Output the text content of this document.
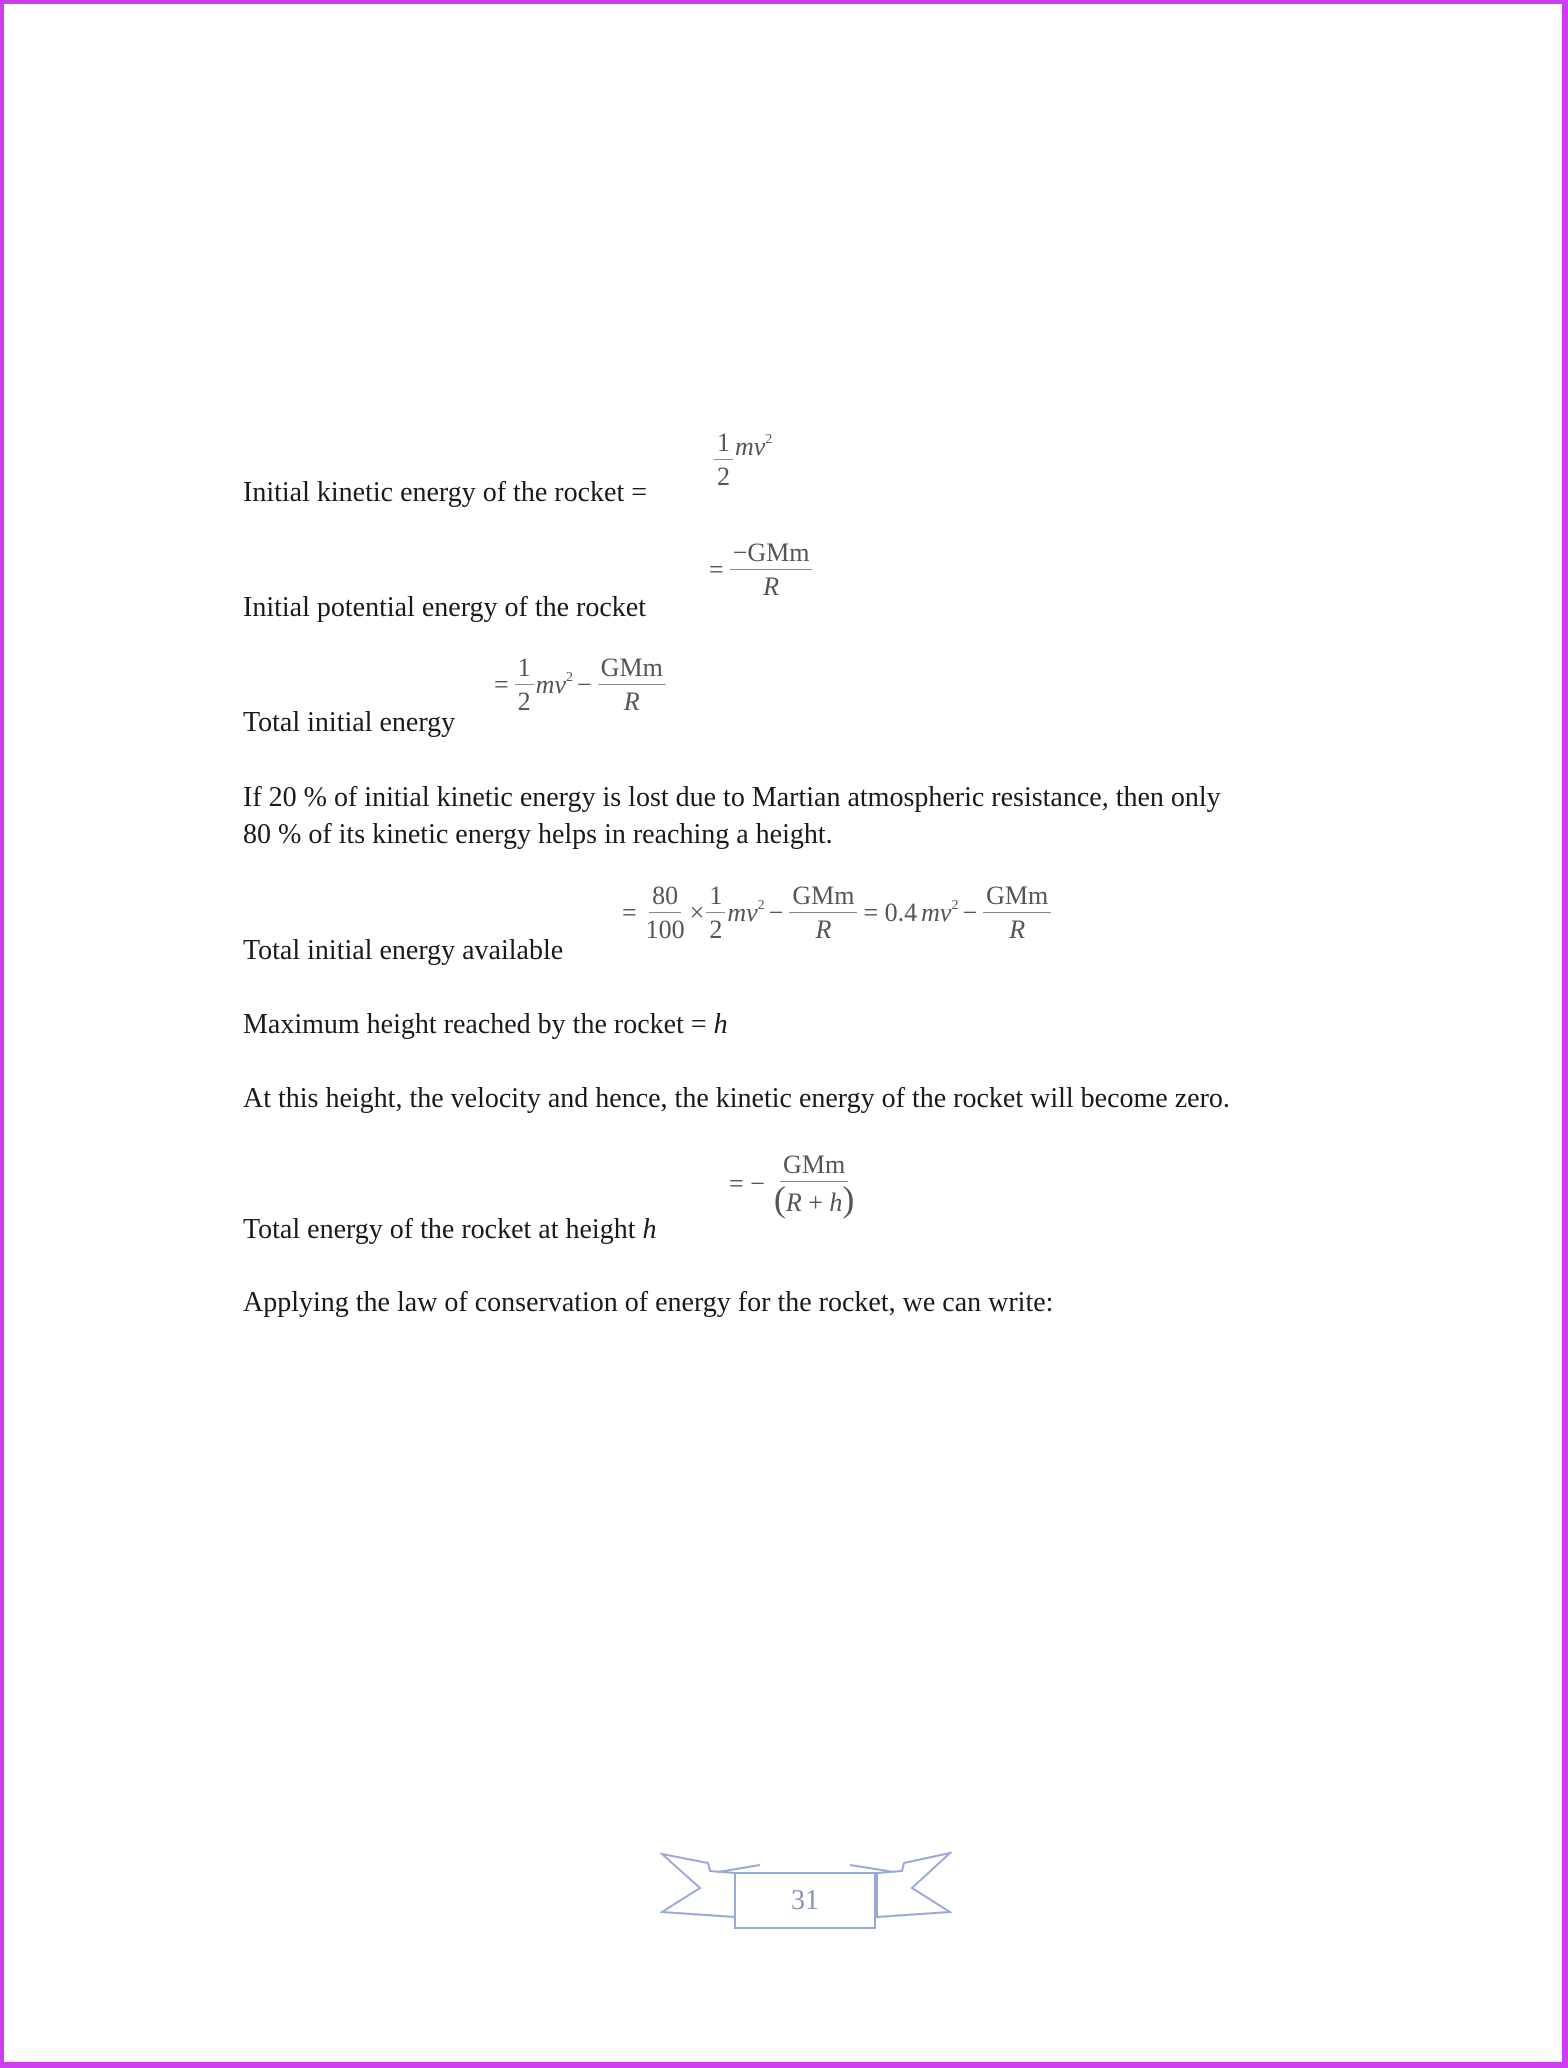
Initial kinetic energy of the rocket =
$\frac{1}{2} mv^2$
Initial potential energy of the rocket
= $\frac{\text{−GMm}}{R}$
Total initial energy
= $\frac{1}{2} mv^2 - \frac{\text{GMm}}{R}$
If 20 % of initial kinetic energy is lost due to Martian atmospheric resistance, then only
80 % of its kinetic energy helps in reaching a height.
Total initial energy available
= $\frac{80}{100} \times \frac{1}{2} mv^2 - \frac{\text{GMm}}{R} = 0.4$ $mv^2 - \frac{\text{GMm}}{R}$
Maximum height reached by the rocket = h
At this height, the velocity and hence, the kinetic energy of the rocket will become zero.
Total energy of the rocket at height h
= − $\frac{\text{GMm}}{(R + h)}$
Applying the law of conservation of energy for the rocket, we can write:
31
